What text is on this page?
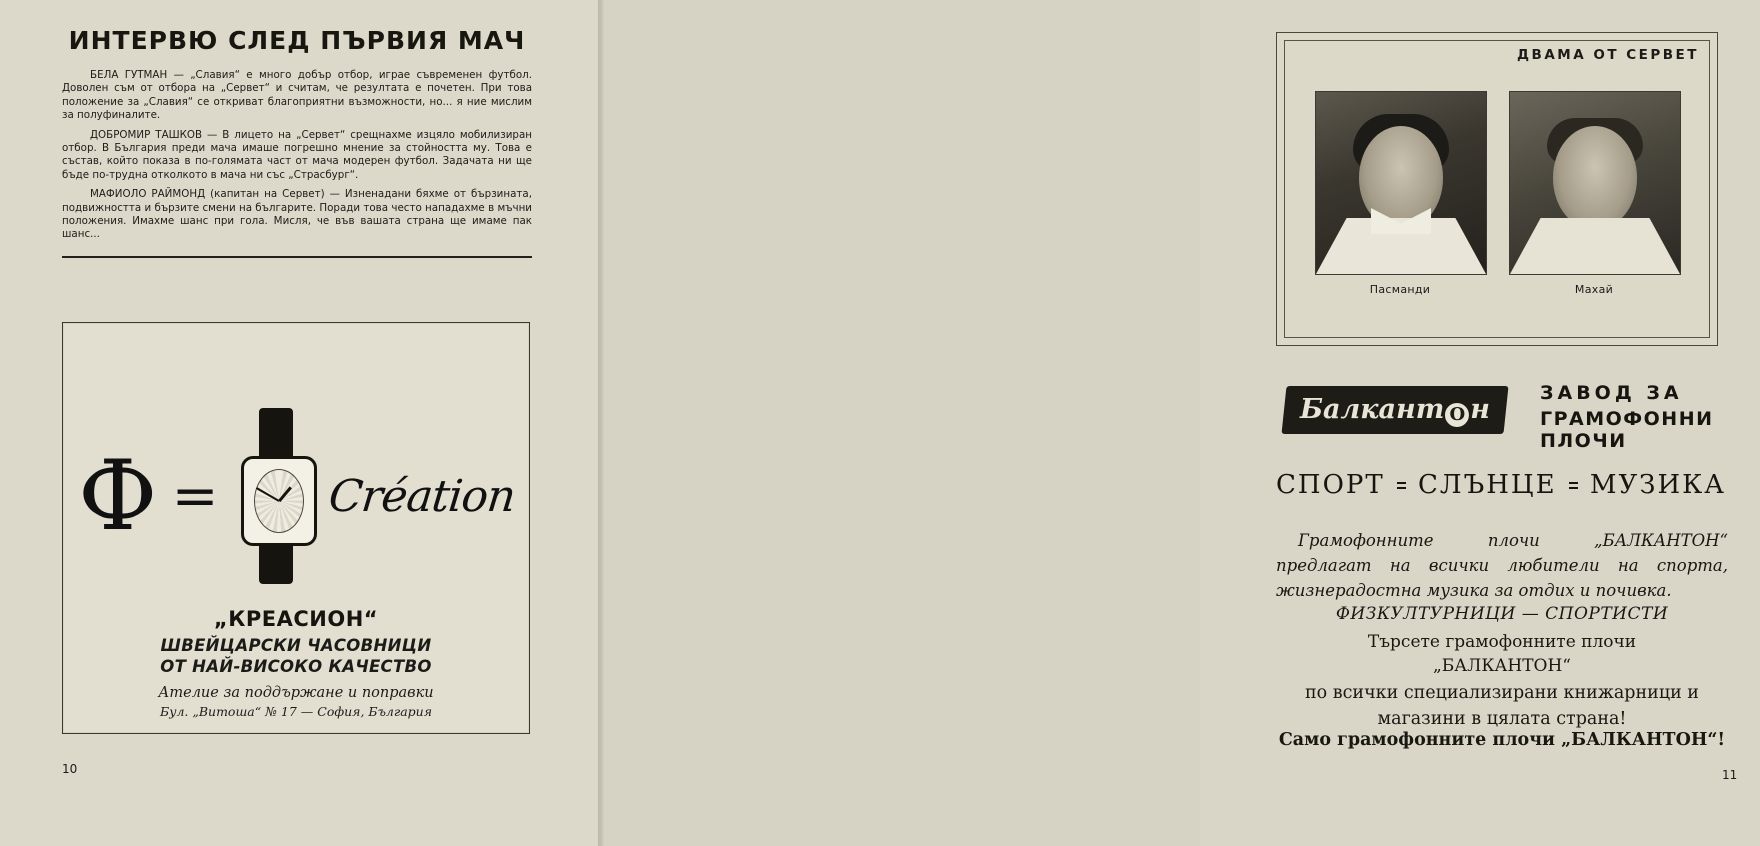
ИНТЕРВЮ СЛЕД ПЪРВИЯ МАЧ

БЕЛА ГУТМАН — „Славия“ е много добър отбор, играе съвременен футбол. Доволен съм от отбора на „Сервет“ и считам, че резултата е почетен. При това положение за „Славия“ се откриват благоприятни възможности, но... я ние мислим за полуфиналите.

ДОБРОМИР ТАШКОВ — В лицето на „Сервет“ срещнахме изцяло мобилизиран отбор. В България преди мача имаше погрешно мнение за стойността му. Това е състав, който показа в по-голямата част от мача модерен футбол. Задачата ни ще бъде по-трудна отколкото в мача ни със „Страсбург“.

МАФИОЛО РАЙМОНД (капитан на Сервет) — Изненадани бяхме от бързината, подвижността и бързите смени на българите. Поради това често нападахме в мъчни положения. Имахме шанс при гола. Мисля, че във вашата страна ще имаме пак шанс...

Ф = Création
„КРЕАСИОН“
ШВЕЙЦАРСКИ ЧАСОВНИЦИ
ОТ НАЙ-ВИСОКО КАЧЕСТВО
Ателие за поддържане и поправки
Бул. „Витоша“ № 17 — София, България
10
ДВАМА ОТ СЕРВЕТ
Пасманди	Махай
Балкант O н
ЗАВОД ЗА
ГРАМОФОННИ ПЛОЧИ
СПОРТ СЛЪНЦЕ МУЗИКА
Грамофонните плочи „БАЛКАНТОН“ предлагат на всички любители на спорта, жизнерадостна музика за отдих и почивка.
ФИЗКУЛТУРНИЦИ — СПОРТИСТИ
Търсете грамофонните плочи
„БАЛКАНТОН“
по всички специализирани книжарници и магазини в цялата страна!
Само грамофонните плочи „БАЛКАНТОН“!
11
